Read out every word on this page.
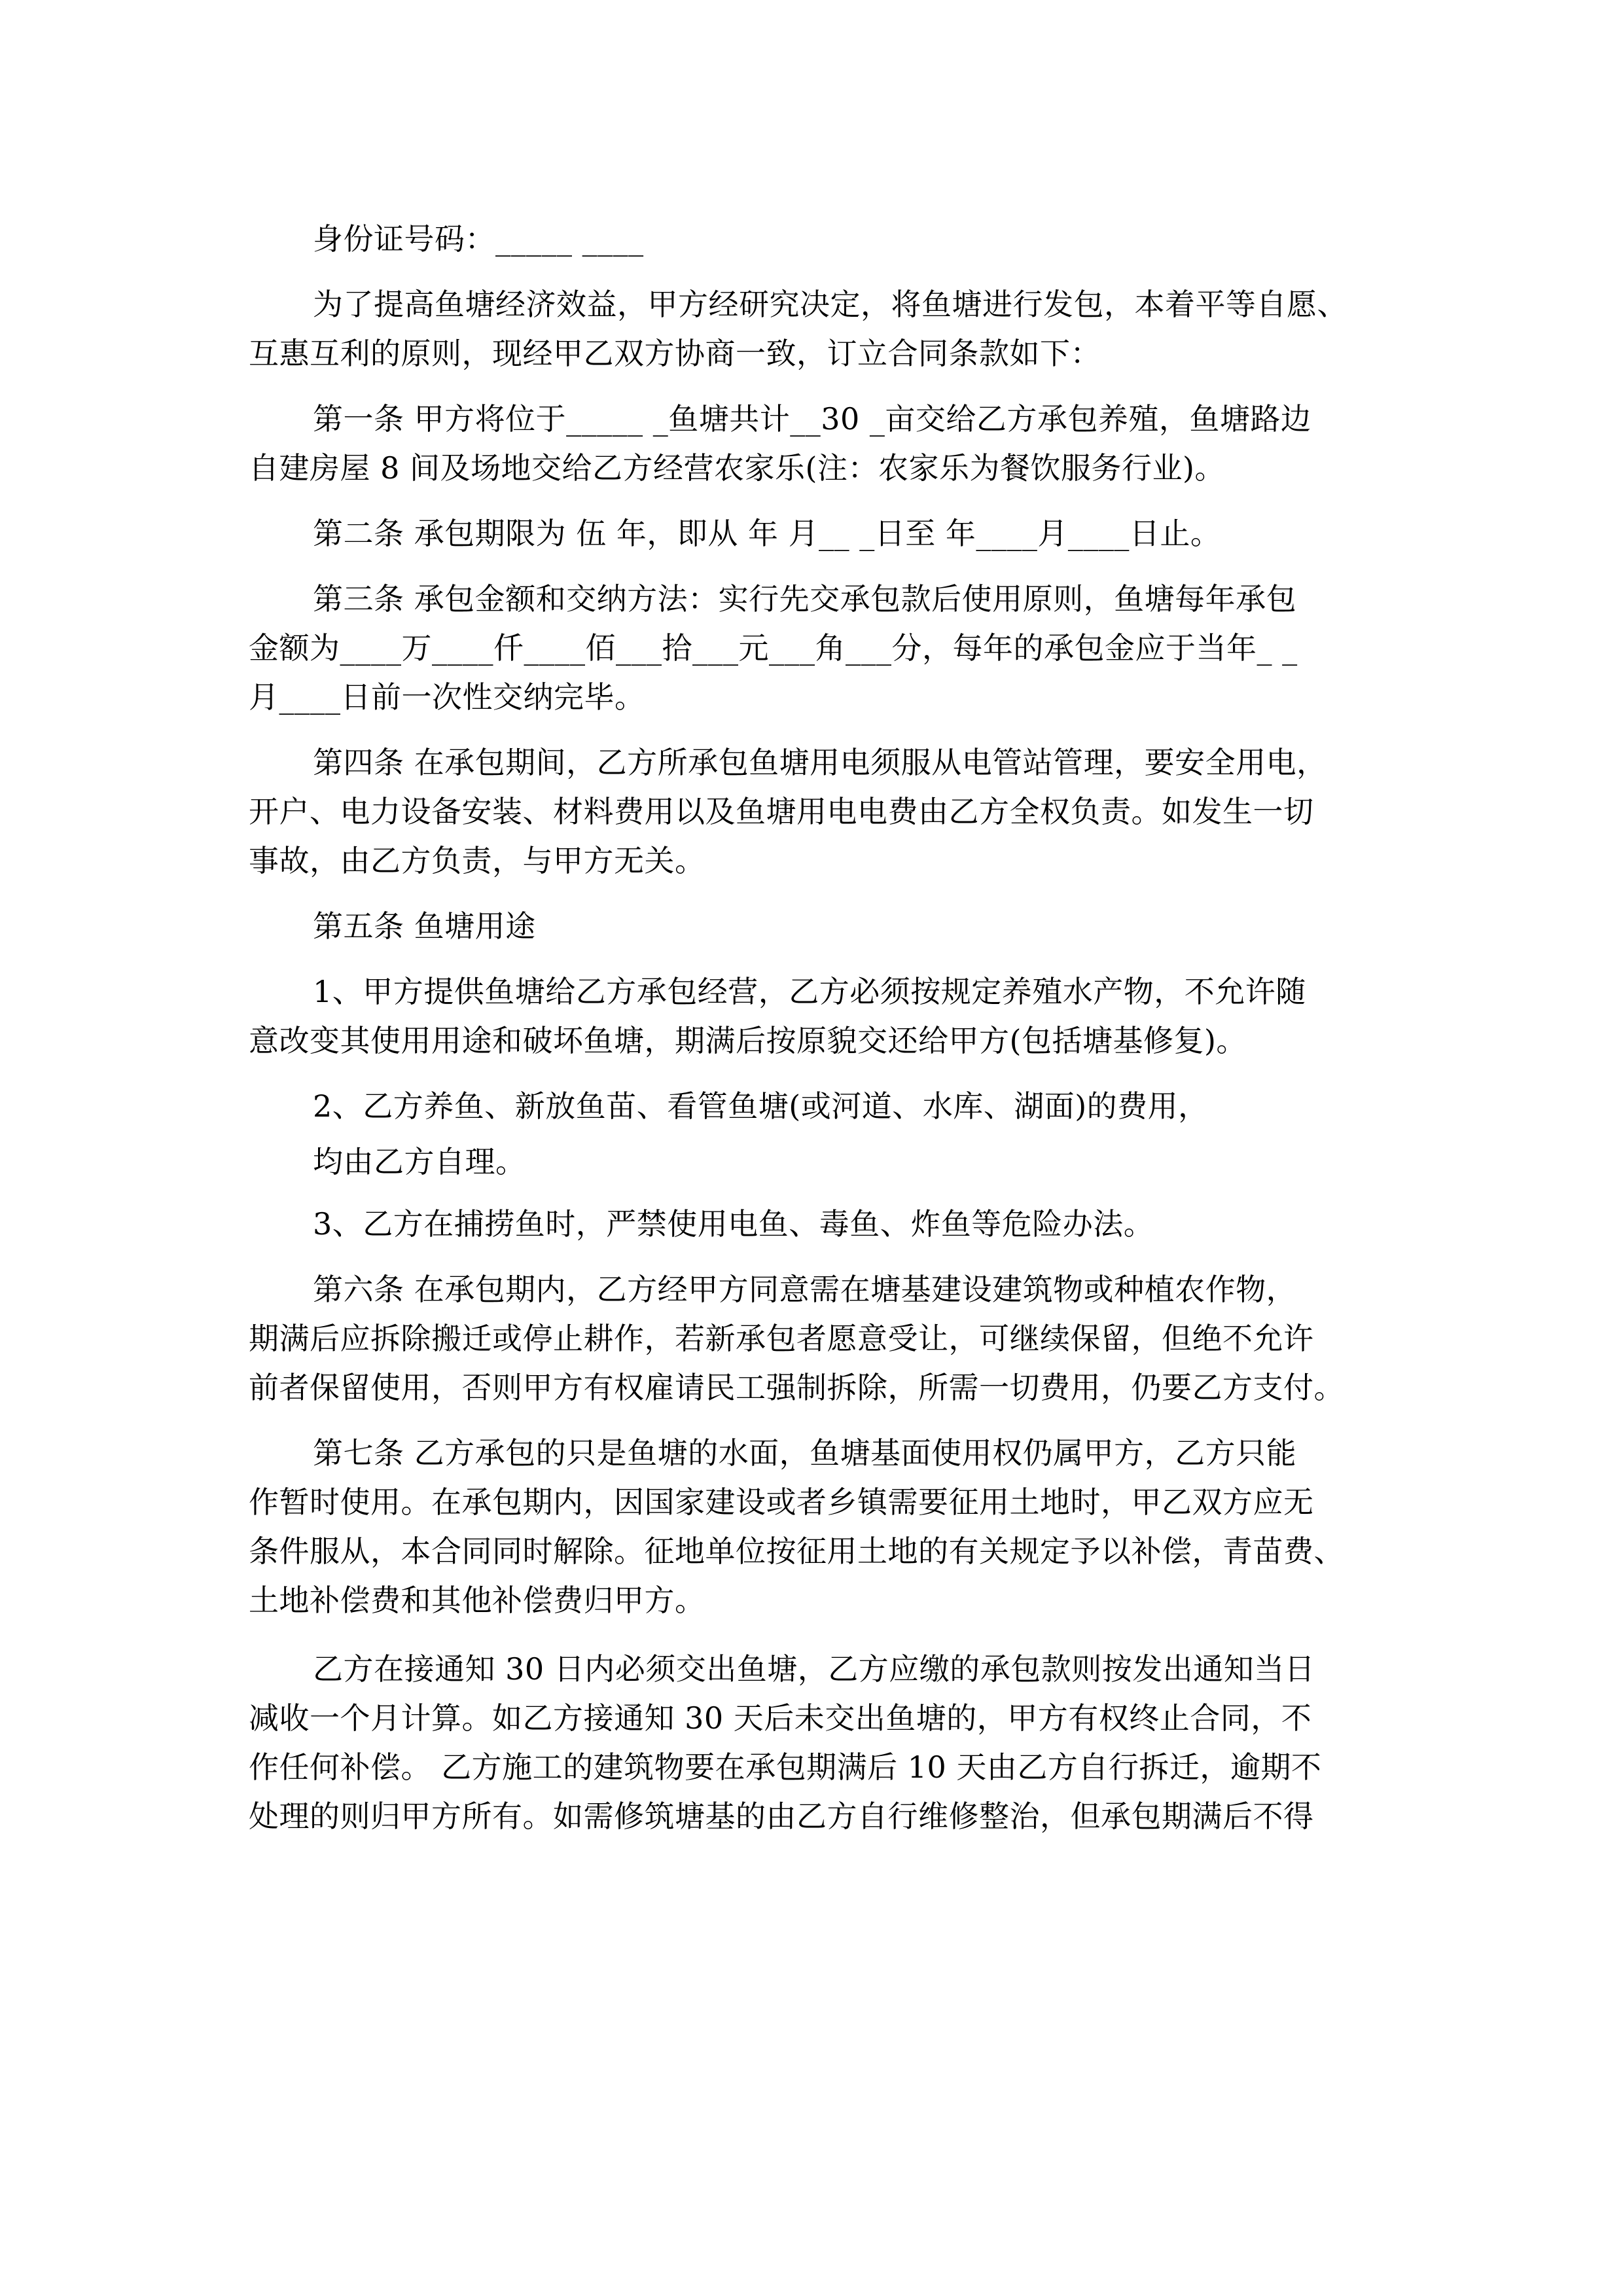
身份证号码：_____ ____
为了提高鱼塘经济效益，甲方经研究决定，将鱼塘进行发包，本着平等自愿、
互惠互利的原则，现经甲乙双方协商一致，订立合同条款如下：
第一条 甲方将位于_____ _鱼塘共计__30 _亩交给乙方承包养殖，鱼塘路边
自建房屋 8 间及场地交给乙方经营农家乐(注：农家乐为餐饮服务行业)。
第二条 承包期限为 伍 年，即从 年 月__ _日至 年____月____日止。
第三条 承包金额和交纳方法：实行先交承包款后使用原则，鱼塘每年承包
金额为____万____仟____佰___拾___元___角___分，每年的承包金应于当年_ _
月____日前一次性交纳完毕。
第四条 在承包期间，乙方所承包鱼塘用电须服从电管站管理，要安全用电，
开户、电力设备安装、材料费用以及鱼塘用电电费由乙方全权负责。如发生一切
事故，由乙方负责，与甲方无关。
第五条 鱼塘用途
1、甲方提供鱼塘给乙方承包经营，乙方必须按规定养殖水产物，不允许随
意改变其使用用途和破坏鱼塘，期满后按原貌交还给甲方(包括塘基修复)。
2、乙方养鱼、新放鱼苗、看管鱼塘(或河道、水库、湖面)的费用，
均由乙方自理。
3、乙方在捕捞鱼时，严禁使用电鱼、毒鱼、炸鱼等危险办法。
第六条 在承包期内，乙方经甲方同意需在塘基建设建筑物或种植农作物，
期满后应拆除搬迁或停止耕作，若新承包者愿意受让，可继续保留，但绝不允许
前者保留使用，否则甲方有权雇请民工强制拆除，所需一切费用，仍要乙方支付。
第七条 乙方承包的只是鱼塘的水面，鱼塘基面使用权仍属甲方，乙方只能
作暂时使用。在承包期内，因国家建设或者乡镇需要征用土地时，甲乙双方应无
条件服从，本合同同时解除。征地单位按征用土地的有关规定予以补偿，青苗费、
土地补偿费和其他补偿费归甲方。
乙方在接通知 30 日内必须交出鱼塘，乙方应缴的承包款则按发出通知当日
减收一个月计算。如乙方接通知 30 天后未交出鱼塘的，甲方有权终止合同，不
作任何补偿。 乙方施工的建筑物要在承包期满后 10 天由乙方自行拆迁，逾期不
处理的则归甲方所有。如需修筑塘基的由乙方自行维修整治，但承包期满后不得
